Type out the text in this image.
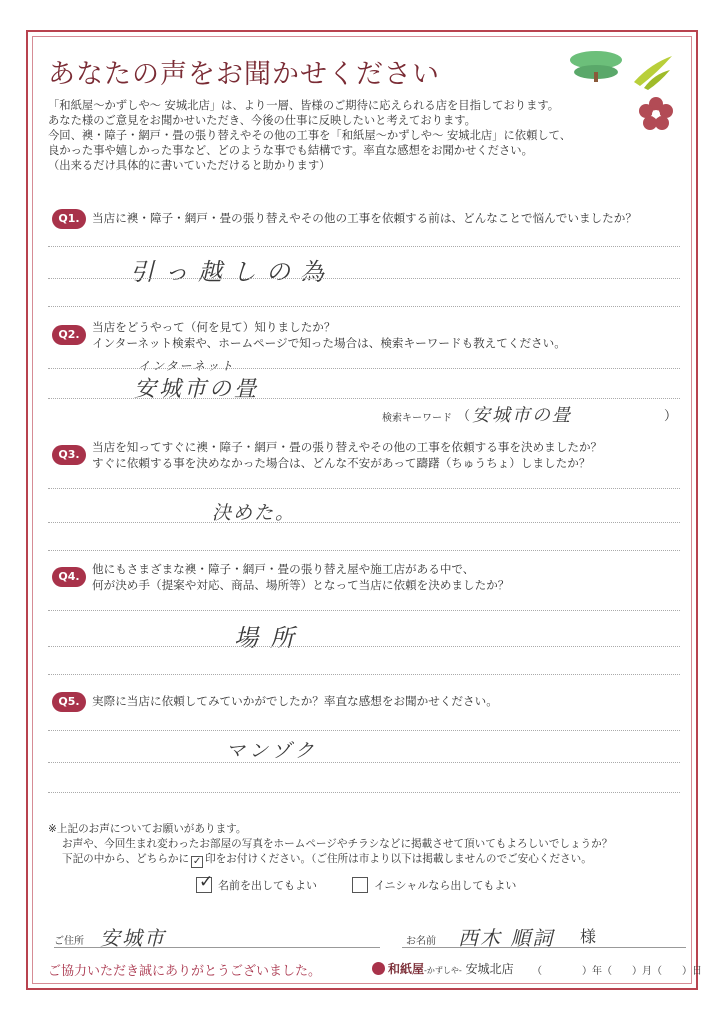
あなたの声をお聞かせください
「和紙屋～かずしや～ 安城北店」は、より一層、皆様のご期待に応えられる店を目指しております。
あなた様のご意見をお聞かせいただき、今後の仕事に反映したいと考えております。
今回、襖・障子・網戸・畳の張り替えやその他の工事を「和紙屋～かずしや～ 安城北店」に依頼して、
良かった事や嬉しかった事など、どのような事でも結構です。率直な感想をお聞かせください。
（出来るだけ具体的に書いていただけると助かります）
Q1.	当店に襖・障子・網戸・畳の張り替えやその他の工事を依頼する前は、どんなことで悩んでいましたか？
引っ越しの為
Q2.
当店をどうやって（何を見て）知りましたか？
インターネット検索や、ホームページで知った場合は、検索キーワードも教えてください。
インターネット
安城市の畳
検索キーワード （ 安城市の畳	）
Q3.
当店を知ってすぐに襖・障子・網戸・畳の張り替えやその他の工事を依頼する事を決めましたか？
すぐに依頼する事を決めなかった場合は、どんな不安があって躊躇（ちゅうちょ）しましたか？
決めた。
Q4.
他にもさまざまな襖・障子・網戸・畳の張り替え屋や施工店がある中で、
何が決め手（提案や対応、商品、場所等）となって当店に依頼を決めましたか？
場所
Q5.	実際に当店に依頼してみていかがでしたか？率直な感想をお聞かせください。
マンゾク
※上記のお声についてお願いがあります。
お声や、今回生まれ変わったお部屋の写真をホームページやチラシなどに掲載させて頂いてもよろしいでしょうか？
下記の中から、どちらかに ✓ 印をお付けください。（ご住所は市より以下は掲載しませんのでご安心ください。
✓ 名前を出してもよい	イニシャルなら出してもよい
ご住所 安城市	お名前 西木 順詞 様
ご協力いただき誠にありがとうございました。	和紙屋-かずしや- 安城北店 （　　　　）年（　　）月（　　）日
